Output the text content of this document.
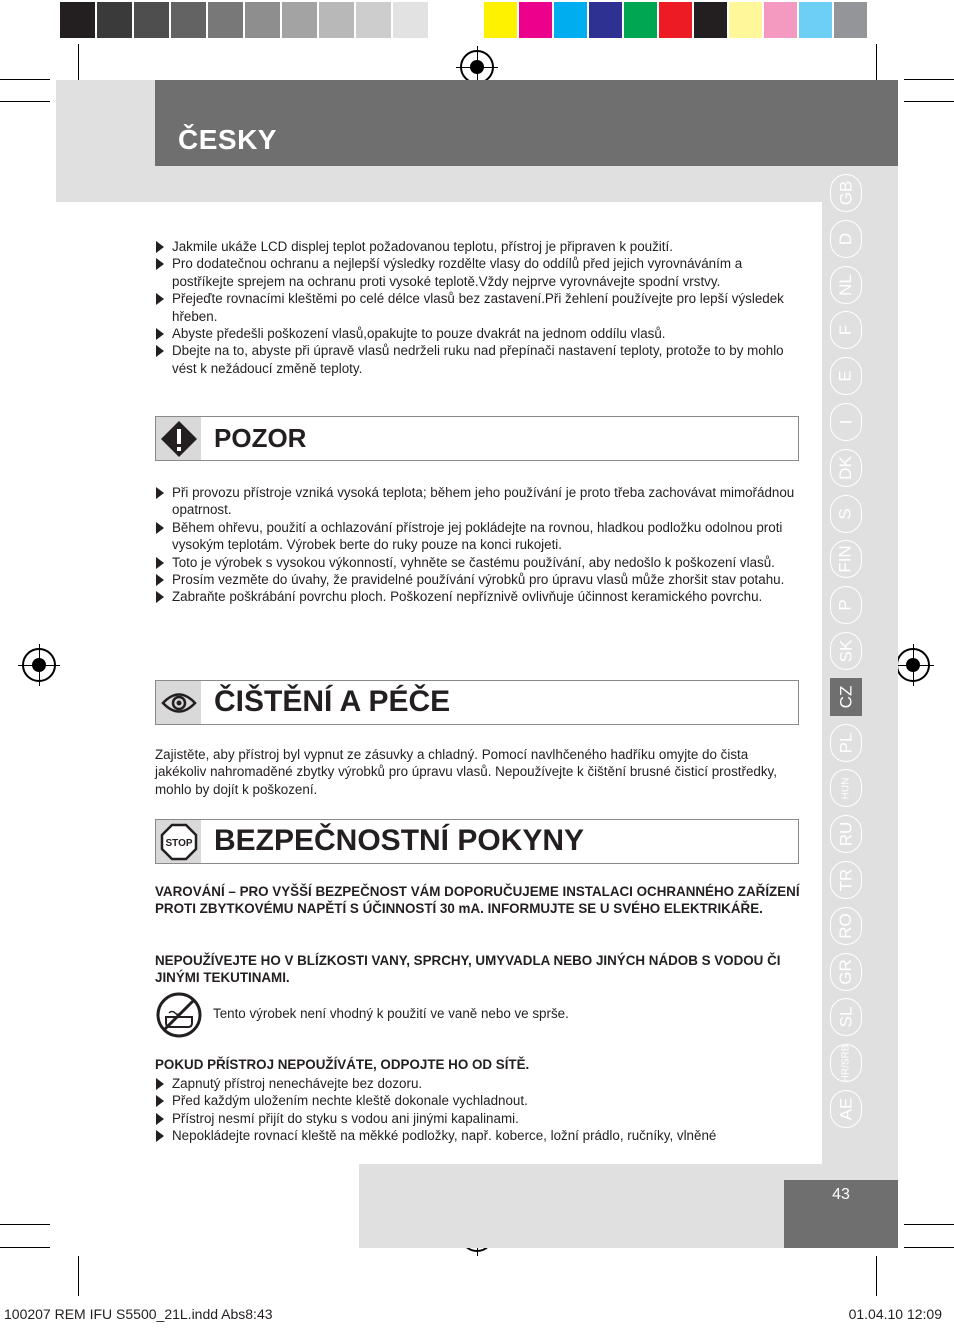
ČESKY
43
GB
D
NL
F
E
I
DK
S
FIN
P
SK
CZ
PL
HUN
RU
TR
RO
GR
SL
HR/SRB
AE
Jakmile ukáže LCD displej teplot požadovanou teplotu, přístroj je připraven k použití.
Pro dodatečnou ochranu a nejlepší výsledky rozdělte vlasy do oddílů před jejich vyrovnáváním a postříkejte sprejem na ochranu proti vysoké teplotě.Vždy nejprve vyrovnávejte spodní vrstvy.
Přejeďte rovnacími kleštěmi po celé délce vlasů bez zastavení.Při žehlení používejte pro lepší výsledek hřeben.
Abyste předešli poškození vlasů,opakujte to pouze dvakrát na jednom oddílu vlasů.
Dbejte na to, abyste při úpravě vlasů nedrželi ruku nad přepínači nastavení teploty, protože to by mohlo vést k nežádoucí změně teploty.
POZOR
Při provozu přístroje vzniká vysoká teplota; během jeho používání je proto třeba zachovávat mimořádnou opatrnost.
Během ohřevu, použití a ochlazování přístroje jej pokládejte na rovnou, hladkou podložku odolnou proti vysokým teplotám. Výrobek berte do ruky pouze na konci rukojeti.
Toto je výrobek s vysokou výkonností, vyhněte se častému používání, aby nedošlo k poškození vlasů.
Prosím vezměte do úvahy, že pravidelné používání výrobků pro úpravu vlasů může zhoršit stav potahu.
Zabraňte poškrábání povrchu ploch. Poškození nepříznivě ovlivňuje účinnost keramického povrchu.
ČIŠTĚNÍ A PÉČE
Zajistěte, aby přístroj byl vypnut ze zásuvky a chladný. Pomocí navlhčeného hadříku omyjte do čista jakékoliv nahromaděné zbytky výrobků pro úpravu vlasů. Nepoužívejte k čištění brusné čisticí prostředky, mohlo by dojít k poškození.
STOP BEZPEČNOSTNÍ POKYNY
VAROVÁNÍ – PRO VYŠŠÍ BEZPEČNOST VÁM DOPORUČUJEME INSTALACI OCHRANNÉHO ZAŘÍZENÍ PROTI ZBYTKOVÉMU NAPĚTÍ S ÚČINNOSTÍ 30 mA. INFORMUJTE SE U SVÉHO ELEKTRIKÁŘE.
NEPOUŽÍVEJTE HO V BLÍZKOSTI VANY, SPRCHY, UMYVADLA NEBO JINÝCH NÁDOB S VODOU ČI JINÝMI TEKUTINAMI.
Tento výrobek není vhodný k použití ve vaně nebo ve sprše.
POKUD PŘÍSTROJ NEPOUŽÍVÁTE, ODPOJTE HO OD SÍTĚ.
Zapnutý přístroj nenechávejte bez dozoru.
Před každým uložením nechte kleště dokonale vychladnout.
Přístroj nesmí přijít do styku s vodou ani jinými kapalinami.
Nepokládejte rovnací kleště na měkké podložky, např. koberce, ložní prádlo, ručníky, vlněné
100207 REM IFU S5500_21L.indd Abs8:43	01.04.10 12:09
